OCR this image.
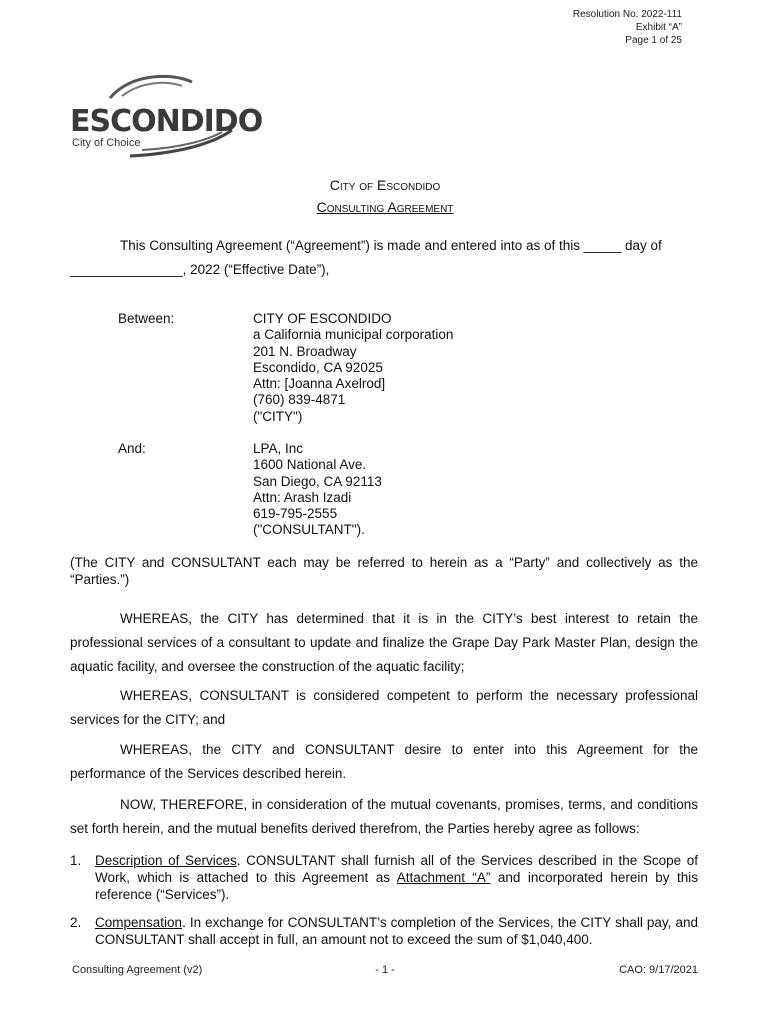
Resolution No. 2022-111
Exhibit “A”
Page 1 of 25
ESCONDIDO
City of Choice
City of Escondido
Consulting Agreement
This Consulting Agreement (“Agreement”) is made and entered into as of this _____ day of
_______________, 2022 (“Effective Date”),
Between:	CITY OF ESCONDIDO
a California municipal corporation
201 N. Broadway
Escondido, CA 92025
Attn: [Joanna Axelrod]
(760) 839-4871
("CITY")
And:	LPA, Inc
1600 National Ave.
San Diego, CA 92113
Attn: Arash Izadi
619-795-2555
("CONSULTANT").
(The CITY and CONSULTANT each may be referred to herein as a “Party” and collectively as the “Parties.”)
WHEREAS, the CITY has determined that it is in the CITY’s best interest to retain the professional services of a consultant to update and finalize the Grape Day Park Master Plan, design the aquatic facility, and oversee the construction of the aquatic facility;
WHEREAS, CONSULTANT is considered competent to perform the necessary professional services for the CITY; and
WHEREAS, the CITY and CONSULTANT desire to enter into this Agreement for the performance of the Services described herein.
NOW, THEREFORE, in consideration of the mutual covenants, promises, terms, and conditions set forth herein, and the mutual benefits derived therefrom, the Parties hereby agree as follows:
1. Description of Services. CONSULTANT shall furnish all of the Services described in the Scope of Work, which is attached to this Agreement as Attachment “A” and incorporated herein by this reference (“Services”).
2. Compensation. In exchange for CONSULTANT’s completion of the Services, the CITY shall pay, and CONSULTANT shall accept in full, an amount not to exceed the sum of $1,040,400.
Consulting Agreement (v2)	- 1 -	CAO: 9/17/2021
